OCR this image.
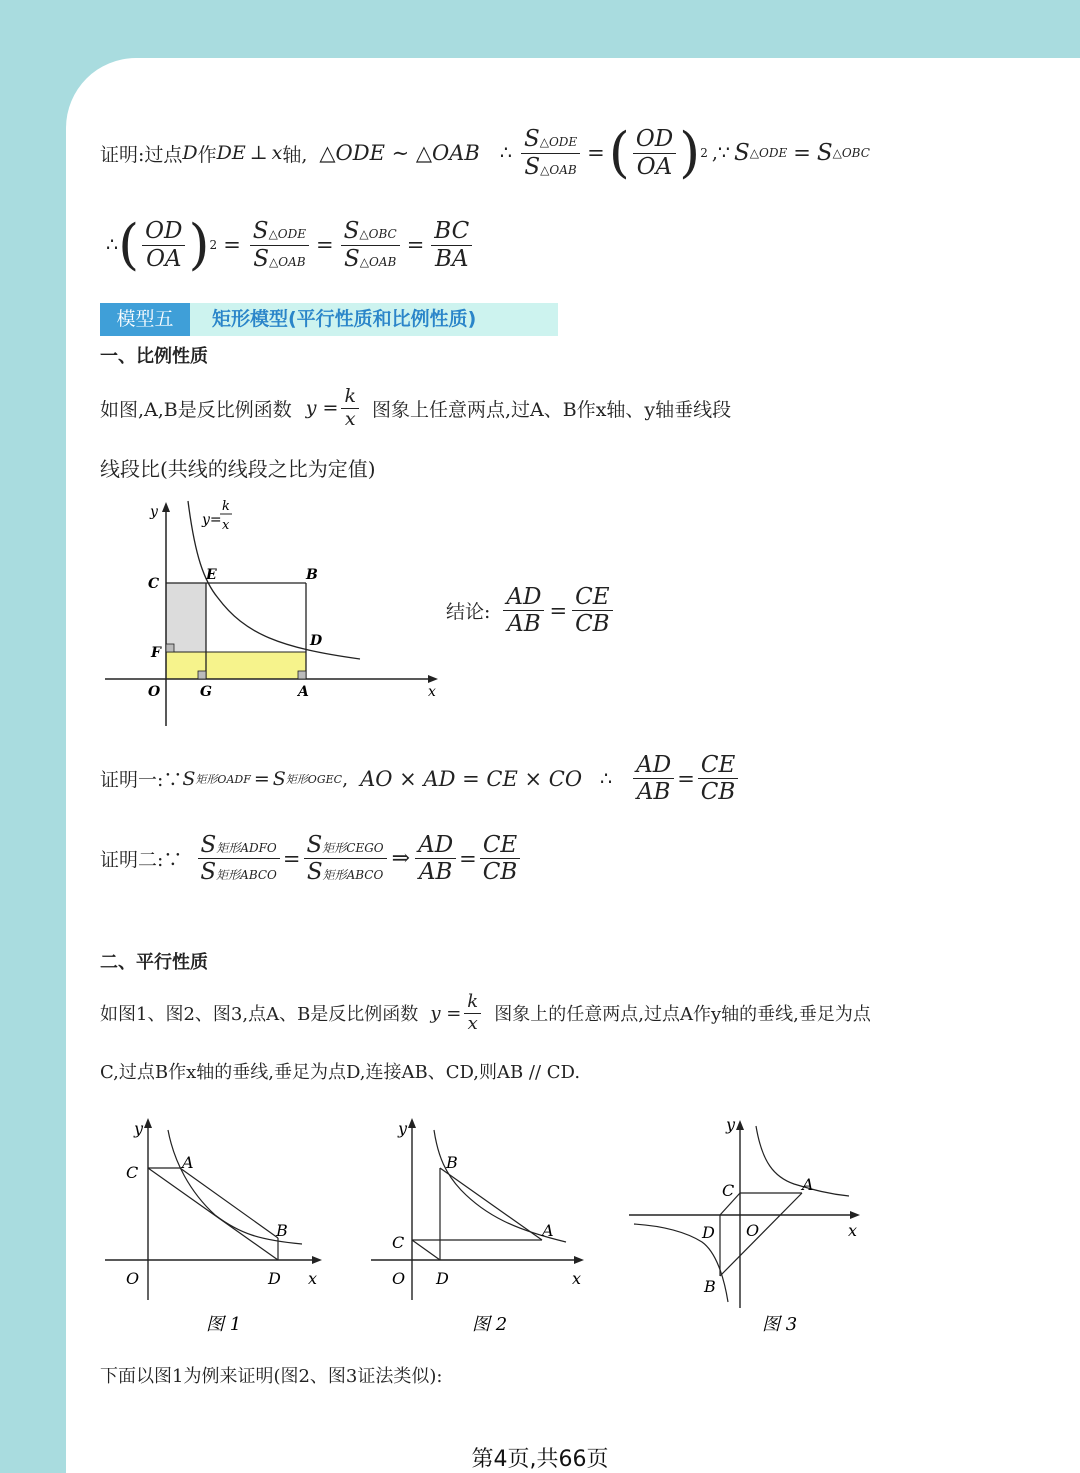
证明:过点 D 作 DE ⊥ x 轴, △ODE ∼ △OAB ∴ $\frac{\text{S△ODE}}{\text{S△OAB}}$ = ( $\frac{OD}{OA}$ ) 2 ,∵ S △ODE = S △OBC
∴ ( $\frac{OD}{OA}$ ) $2 = \frac{\text{S△ODE}}{\text{S△OAB}} = \frac{\text{S△OBC}}{\text{S△OAB}} = \frac{BC}{BA}$
模型五	矩形模型(平行性质和比例性质)
一、比例性质
如图,A,B是反比例函数 $y = \frac{k}{x}$ 图象上任意两点,过A、B作x轴、y轴垂线段
线段比(共线的线段之比为定值)
y
x
y=
k
x
C
E	B
D
F
O	G	A
结论: $\frac{AD}{AB} = \frac{CE}{CB}$
证明一:∵ S 矩形OADF = S 矩形OGEC , AO × AD = CE × CO ∴ $\frac{AD}{AB} = \frac{CE}{CB}$
证明二:∵ $\frac{\text{S矩形ADFO}}{\text{S矩形ABCO}} = \frac{\text{S矩形CEGO}}{\text{S矩形ABCO}}$ ⇒ $\frac{AD}{AB} = \frac{CE}{CB}$
二、平行性质
如图1、图2、图3,点A、B是反比例函数 $y = \frac{k}{x}$ 图象上的任意两点,过点A作y轴的垂线,垂足为点
C,过点B作x轴的垂线,垂足为点D,连接AB、CD,则AB // CD.
y
x
C
A
B
O	D
图 1
y
x
B
A
C
O D
图 2
y
x
C	A
D O
B
图 3
下面以图1为例来证明(图2、图3证法类似):
第4页,共66页
